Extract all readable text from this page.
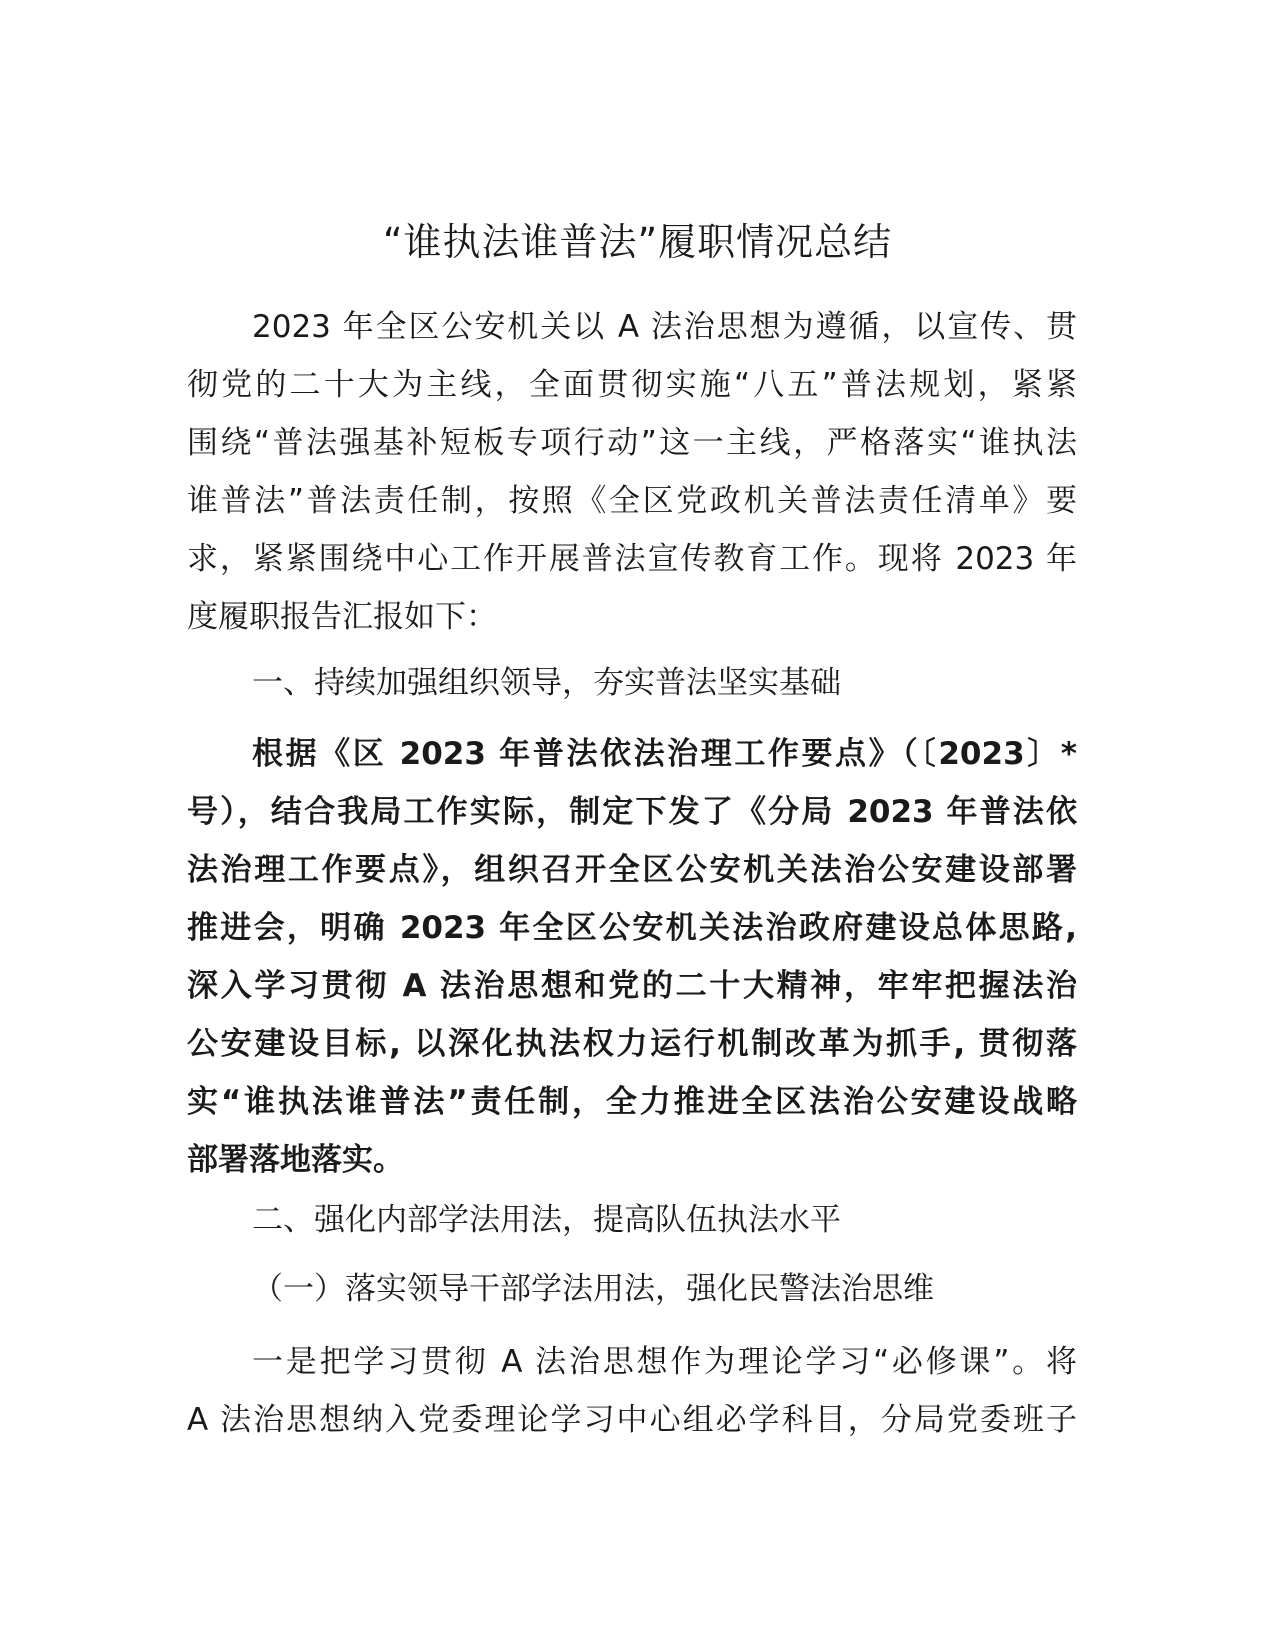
“谁执法谁普法”履职情况总结
2023 年全区公安机关以 A 法治思想为遵循，以宣传、贯
彻党的二十大为主线，全面贯彻实施“八五”普法规划，紧紧
围绕“普法强基补短板专项行动”这一主线，严格落实“谁执法
谁普法”普法责任制，按照《全区党政机关普法责任清单》要
求，紧紧围绕中心工作开展普法宣传教育工作。现将 2023 年
度履职报告汇报如下：
一、持续加强组织领导，夯实普法坚实基础
根据《区 2023 年普法依法治理工作要点》（〔2023〕*
号），结合我局工作实际，制定下发了《分局 2023 年普法依
法治理工作要点》，组织召开全区公安机关法治公安建设部署
推进会，明确 2023 年全区公安机关法治政府建设总体思路,
深入学习贯彻 A 法治思想和党的二十大精神，牢牢把握法治
公安建设目标, 以深化执法权力运行机制改革为抓手, 贯彻落
实“谁执法谁普法”责任制，全力推进全区法治公安建设战略
部署落地落实。
二、强化内部学法用法，提高队伍执法水平
（一）落实领导干部学法用法，强化民警法治思维
一是把学习贯彻 A 法治思想作为理论学习“必修课”。将
A 法治思想纳入党委理论学习中心组必学科目，分局党委班子
